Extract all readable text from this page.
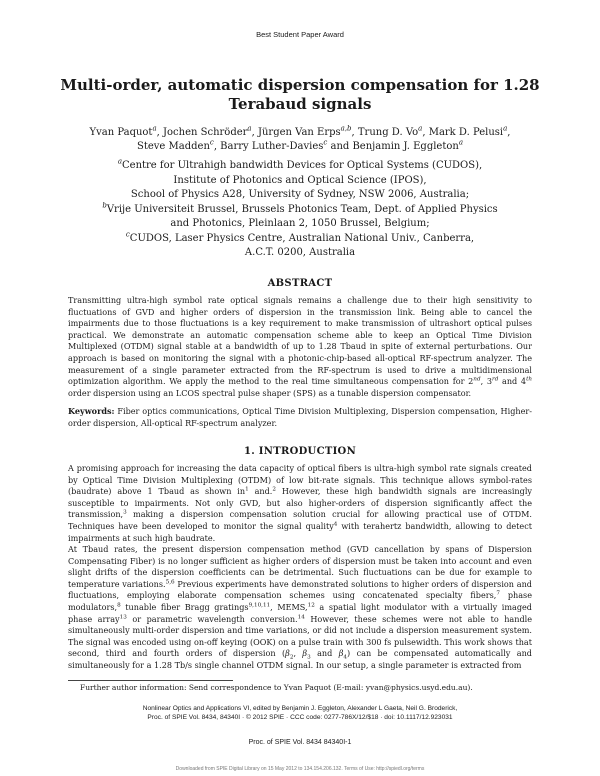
Best Student Paper Award
Multi-order, automatic dispersion compensation for 1.28 Terabaud signals
Yvan Paquot$^a$, Jochen Schröder$^a$, Jürgen Van Erps$^{a,b}$, Trung D. Vo$^a$, Mark D. Pelusi$^a$,
Steve Madden$^c$, Barry Luther-Davies$^c$ and Benjamin J. Eggleton$^a$
$^a$Centre for Ultrahigh bandwidth Devices for Optical Systems (CUDOS),
Institute of Photonics and Optical Science (IPOS),
School of Physics A28, University of Sydney, NSW 2006, Australia;
$^b$Vrije Universiteit Brussel, Brussels Photonics Team, Dept. of Applied Physics
and Photonics, Pleinlaan 2, 1050 Brussel, Belgium;
$^c$CUDOS, Laser Physics Centre, Australian National Univ., Canberra,
A.C.T. 0200, Australia
ABSTRACT
Transmitting ultra-high symbol rate optical signals remains a challenge due to their high sensitivity to fluctuations of GVD and higher orders of dispersion in the transmission link. Being able to cancel the impairments due to those fluctuations is a key requirement to make transmission of ultrashort optical pulses practical. We demonstrate an automatic compensation scheme able to keep an Optical Time Division Multiplexed (OTDM) signal stable at a bandwidth of up to 1.28 Tbaud in spite of external perturbations. Our approach is based on monitoring the signal with a photonic-chip-based all-optical RF-spectrum analyzer. The measurement of a single parameter extracted from the RF-spectrum is used to drive a multidimensional optimization algorithm. We apply the method to the real time simultaneous compensation for 2nd, 3rd and 4th order dispersion using an LCOS spectral pulse shaper (SPS) as a tunable dispersion compensator.
Keywords: Fiber optics communications, Optical Time Division Multiplexing, Dispersion compensation, Higher-order dispersion, All-optical RF-spectrum analyzer.
1. INTRODUCTION
A promising approach for increasing the data capacity of optical fibers is ultra-high symbol rate signals created by Optical Time Division Multiplexing (OTDM) of low bit-rate signals. This technique allows symbol-rates (baudrate) above 1 Tbaud as shown $in^1$ and.$^2$ However, these high bandwidth signals are increasingly susceptible to impairments. Not only GVD, but also higher-orders of dispersion significantly affect the transmission,$^3$ making a dispersion compensation solution crucial for allowing practical use of OTDM. Techniques have been developed to monitor the signal quality$^4$ with terahertz bandwidth, allowing to detect impairments at such high baudrate.
At Tbaud rates, the present dispersion compensation method (GVD cancellation by spans of Dispersion Compensating Fiber) is no longer sufficient as higher orders of dispersion must be taken into account and even slight drifts of the dispersion coefficients can be detrimental. Such fluctuations can be due for example to temperature variations.$^{5,6}$ Previous experiments have demonstrated solutions to higher orders of dispersion and fluctuations, employing elaborate compensation schemes using concatenated specialty fibers,$^7$ phase modulators,$^8$ tunable fiber Bragg gratings$^{9,10,11}$, MEMS,$^{12}$ a spatial light modulator with a virtually imaged phase array$^{13}$ or parametric wavelength conversion.$^{14}$ However, these schemes were not able to handle simultaneously multi-order dispersion and time variations, or did not include a dispersion measurement system. The signal was encoded using on-off keying (OOK) on a pulse train with 300 fs pulsewidth. This work shows that second, third and fourth orders of dispersion ($\beta_2$, $\beta_3$ and $\beta_4$) can be compensated automatically and simultaneously for a 1.28 Tb/s single channel OTDM signal. In our setup, a single parameter is extracted from
Further author information: Send correspondence to Yvan Paquot (E-mail: yvan@physics.usyd.edu.au).
Nonlinear Optics and Applications VI, edited by Benjamin J. Eggleton, Alexander L Gaeta, Neil G. Broderick,
Proc. of SPIE Vol. 8434, 84340I · © 2012 SPIE · CCC code: 0277-786X/12/$18 · doi: 10.1117/12.923031
Proc. of SPIE Vol. 8434 84340I-1
Downloaded from SPIE Digital Library on 15 May 2012 to 134.154.206.132. Terms of Use: http://spiedl.org/terms
